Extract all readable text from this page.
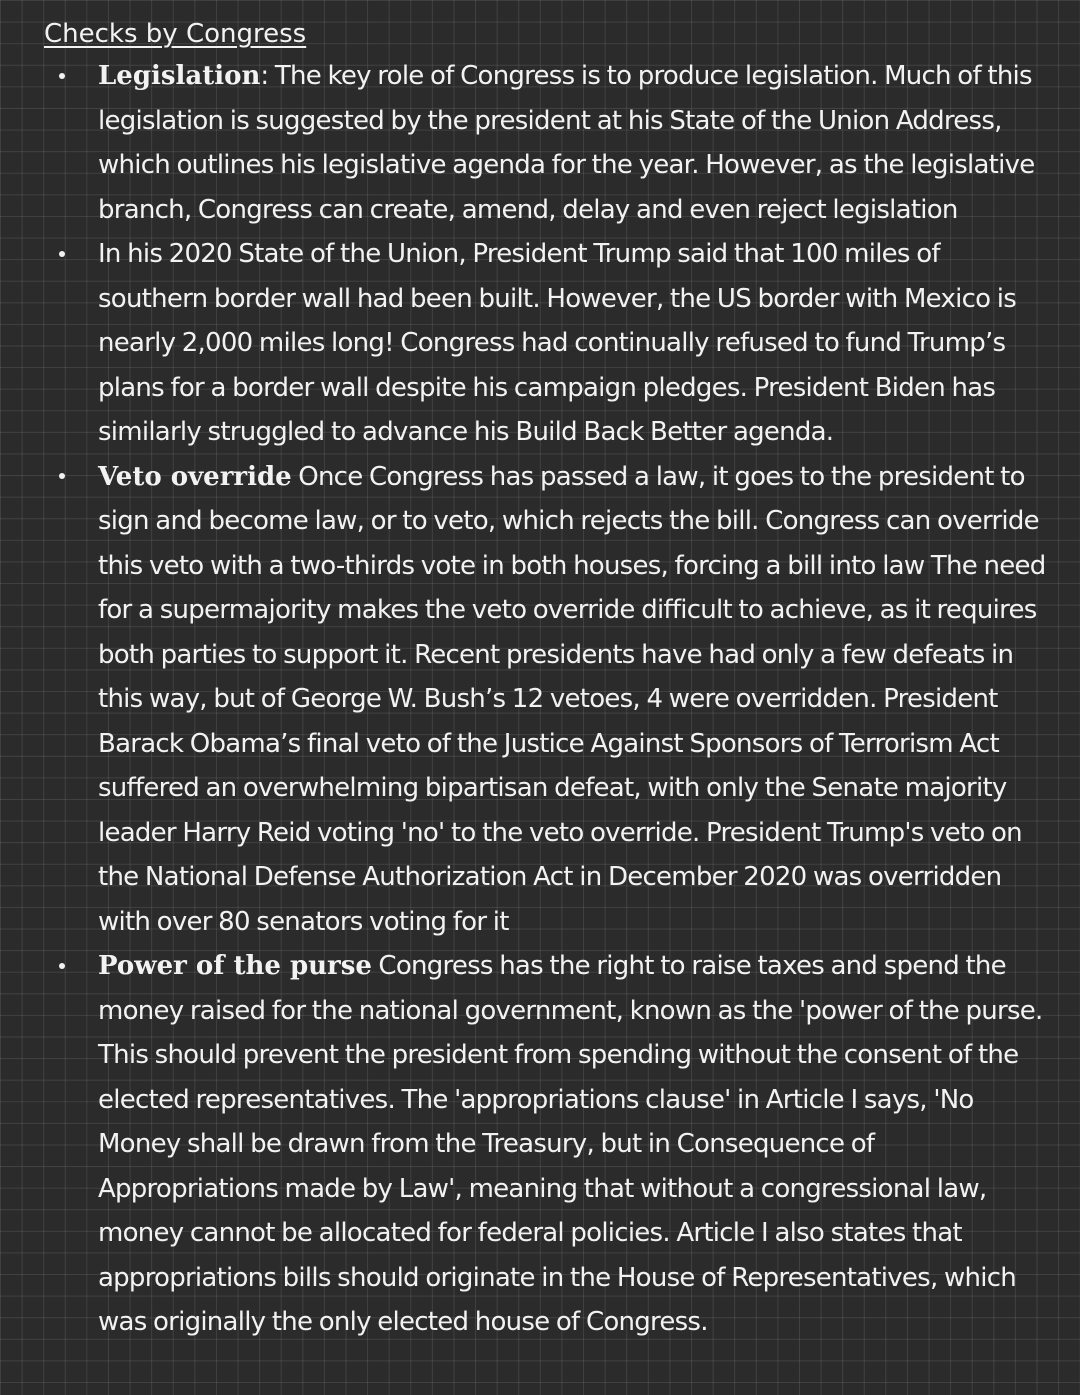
Checks by Congress
Legislation: The key role of Congress is to produce legislation. Much of this legislation is suggested by the president at his State of the Union Address, which outlines his legislative agenda for the year. However, as the legislative branch, Congress can create, amend, delay and even reject legislation
In his 2020 State of the Union, President Trump said that 100 miles of southern border wall had been built. However, the US border with Mexico is nearly 2,000 miles long! Congress had continually refused to fund Trump’s plans for a border wall despite his campaign pledges. President Biden has similarly struggled to advance his Build Back Better agenda.
Veto override Once Congress has passed a law, it goes to the president to sign and become law, or to veto, which rejects the bill. Congress can override this veto with a two-thirds vote in both houses, forcing a bill into law The need for a supermajority makes the veto override difficult to achieve, as it requires both parties to support it. Recent presidents have had only a few defeats in this way, but of George W. Bush’s 12 vetoes, 4 were overridden. President Barack Obama’s final veto of the Justice Against Sponsors of Terrorism Act suffered an overwhelming bipartisan defeat, with only the Senate majority leader Harry Reid voting 'no' to the veto override. President Trump's veto on the National Defense Authorization Act in December 2020 was overridden with over 80 senators voting for it
Power of the purse Congress has the right to raise taxes and spend the money raised for the national government, known as the 'power of the purse. This should prevent the president from spending without the consent of the elected representatives. The 'appropriations clause' in Article I says, 'No Money shall be drawn from the Treasury, but in Consequence of Appropriations made by Law', meaning that without a congressional law, money cannot be allocated for federal policies. Article I also states that appropriations bills should originate in the House of Representatives, which was originally the only elected house of Congress.
